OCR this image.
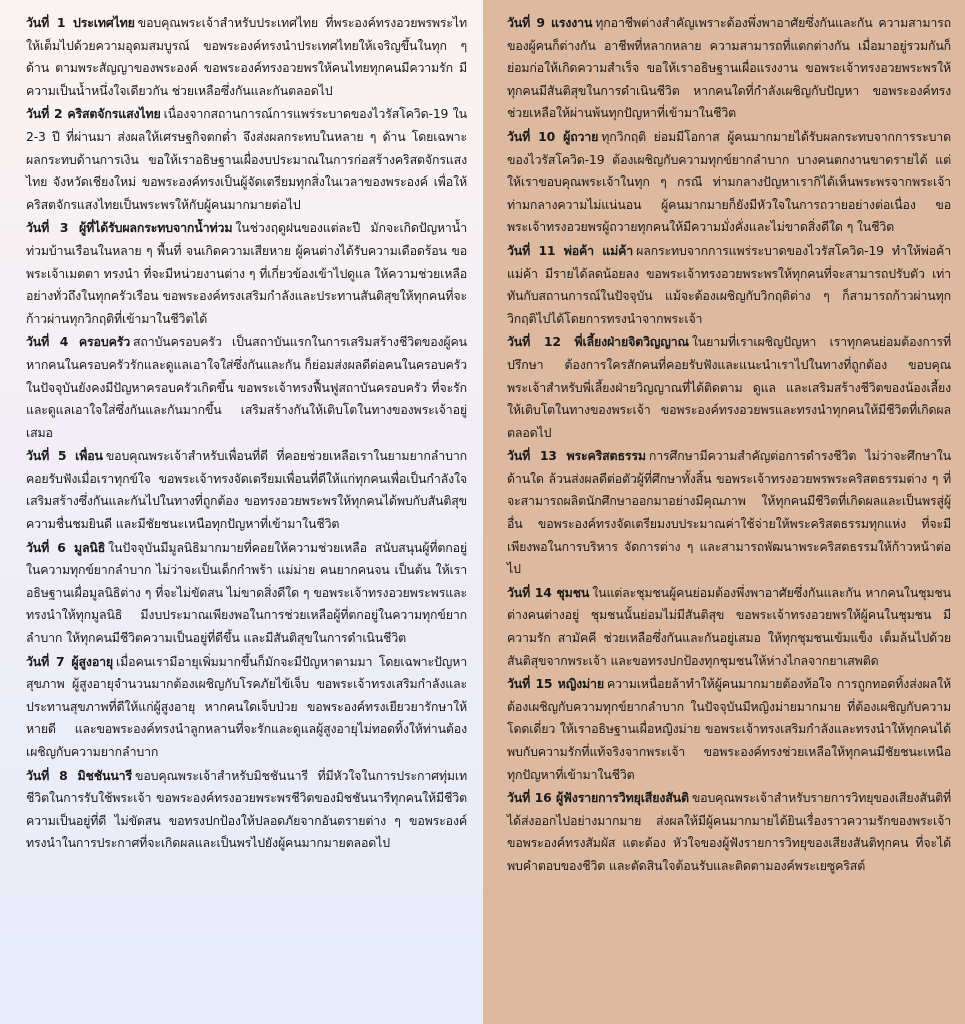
วันที่ 1 ประเทศไทย ขอบคุณพระเจ้าสำหรับประเทศไทย ที่พระองค์ทรงอวยพรพระไทให้เต็มไปด้วยความอุดมสมบูรณ์ ขอพระองค์ทรงนำประเทศไทยให้เจริญขึ้นในทุก ๆ ด้าน ตามพระสัญญาของพระองค์ ขอพระองค์ทรงอวยพรให้คนไทยทุกคนมีความรัก มีความเป็นน้ำหนึ่งใจเดียวกัน ช่วยเหลือซึ่งกันและกันตลอดไป

วันที่ 2 คริสตจักรแสงไทย เนื่องจากสถานการณ์การแพร่ระบาดของไวรัสโควิด-19 ใน 2-3 ปี ที่ผ่านมา ส่งผลให้เศรษฐกิจตกต่ำ จึงส่งผลกระทบในหลาย ๆ ด้าน โดยเฉพาะผลกระทบด้านการเงิน ขอให้เราอธิษฐานเผื่องบประมาณในการก่อสร้างคริสตจักรแสงไทย จังหวัดเชียงใหม่ ขอพระองค์ทรงเป็นผู้จัดเตรียมทุกสิ่งในเวลาของพระองค์ เพื่อให้คริสตจักรแสงไทยเป็นพระพรให้กับผู้คนมากมายต่อไป

วันที่ 3 ผู้ที่ได้รับผลกระทบจากน้ำท่วม ในช่วงฤดูฝนของแต่ละปี มักจะเกิดปัญหาน้ำท่วมบ้านเรือนในหลาย ๆ พื้นที่ จนเกิดความเสียหาย ผู้คนต่างได้รับความเดือดร้อน ขอพระเจ้าเมตตา ทรงนำ ที่จะมีหน่วยงานต่าง ๆ ที่เกี่ยวข้องเข้าไปดูแล ให้ความช่วยเหลืออย่างทั่วถึงในทุกครัวเรือน ขอพระองค์ทรงเสริมกำลังและประทานสันติสุขให้ทุกคนที่จะก้าวผ่านทุกวิกฤติที่เข้ามาในชีวิตได้

วันที่ 4 ครอบครัว สถาบันครอบครัว เป็นสถาบันแรกในการเสริมสร้างชีวิตของผู้คน หากคนในครอบครัวรักและดูแลเอาใจใส่ซึ่งกันและกัน ก็ย่อมส่งผลดีต่อคนในครอบครัว ในปัจจุบันยังคงมีปัญหาครอบครัวเกิดขึ้น ขอพระเจ้าทรงฟื้นฟูสถาบันครอบครัว ที่จะรักและดูแลเอาใจใส่ซึ่งกันและกันมากขึ้น เสริมสร้างกันให้เติบโตในทางของพระเจ้าอยู่เสมอ

วันที่ 5 เพื่อน ขอบคุณพระเจ้าสำหรับเพื่อนที่ดี ที่คอยช่วยเหลือเราในยามยากลำบาก คอยรับฟังเมื่อเราทุกข์ใจ ขอพระเจ้าทรงจัดเตรียมเพื่อนที่ดีให้แก่ทุกคนเพื่อเป็นกำลังใจ เสริมสร้างซึ่งกันและกันไปในทางที่ถูกต้อง ขอทรงอวยพระพรให้ทุกคนได้พบกับสันติสุข ความชื่นชมยินดี และมีชัยชนะเหนือทุกปัญหาที่เข้ามาในชีวิต

วันที่ 6 มูลนิธิ ในปัจจุบันมีมูลนิธิมากมายที่คอยให้ความช่วยเหลือ สนับสนุนผู้ที่ตกอยู่ในความทุกข์ยากลำบาก ไม่ว่าจะเป็นเด็กกำพร้า แม่ม่าย คนยากคนจน เป็นต้น ให้เราอธิษฐานเผื่อมูลนิธิต่าง ๆ ที่จะไม่ขัดสน ไม่ขาดสิ่งดีใด ๆ ขอพระเจ้าทรงอวยพระพรและทรงนำให้ทุกมูลนิธิ มีงบประมาณเพียงพอในการช่วยเหลือผู้ที่ตกอยู่ในความทุกข์ยากลำบาก ให้ทุกคนมีชีวิตความเป็นอยู่ที่ดีขึ้น และมีสันติสุขในการดำเนินชีวิต

วันที่ 7 ผู้สูงอายุ เมื่อคนเรามีอายุเพิ่มมากขึ้นก็มักจะมีปัญหาตามมา โดยเฉพาะปัญหาสุขภาพ ผู้สูงอายุจำนวนมากต้องเผชิญกับโรคภัยไข้เจ็บ ขอพระเจ้าทรงเสริมกำลังและประทานสุขภาพที่ดีให้แก่ผู้สูงอายุ หากคนใดเจ็บป่วย ขอพระองค์ทรงเยียวยารักษาให้หายดี และขอพระองค์ทรงนำลูกหลานที่จะรักและดูแลผู้สูงอายุไม่ทอดทิ้งให้ท่านต้องเผชิญกับความยากลำบาก

วันที่ 8 มิชชันนารี ขอบคุณพระเจ้าสำหรับมิชชันนารี ที่มีหัวใจในการประกาศทุ่มเทชีวิตในการรับใช้พระเจ้า ขอพระองค์ทรงอวยพระพรชีวิตของมิชชันนารีทุกคนให้มีชีวิตความเป็นอยู่ที่ดี ไม่ขัดสน ขอทรงปกป้องให้ปลอดภัยจากอันตรายต่าง ๆ ขอพระองค์ทรงนำในการประกาศที่จะเกิดผลและเป็นพรไปยังผู้คนมากมายตลอดไป

วันที่ 9 แรงงาน ทุกอาชีพต่างสำคัญเพราะต้องพึ่งพาอาศัยซึ่งกันและกัน ความสามารถของผู้คนก็ต่างกัน อาชีพที่หลากหลาย ความสามารถที่แตกต่างกัน เมื่อมาอยู่รวมกันก็ย่อมก่อให้เกิดความสำเร็จ ขอให้เราอธิษฐานเผื่อแรงงาน ขอพระเจ้าทรงอวยพระพรให้ทุกคนมีสันติสุขในการดำเนินชีวิต หากคนใดที่กำลังเผชิญกับปัญหา ขอพระองค์ทรงช่วยเหลือให้ผ่านพ้นทุกปัญหาที่เข้ามาในชีวิต

วันที่ 10 ผู้ถวาย ทุกวิกฤติ ย่อมมีโอกาส ผู้คนมากมายได้รับผลกระทบจากการระบาดของไวรัสโควิด-19 ต้องเผชิญกับความทุกข์ยากลำบาก บางคนตกงานขาดรายได้ แต่ให้เราขอบคุณพระเจ้าในทุก ๆ กรณี ท่ามกลางปัญหาเรากิได้เห็นพระพรจากพระเจ้า ท่ามกลางความไม่แน่นอน ผู้คนมากมายก็ยังมีหัวใจในการถวายอย่างต่อเนื่อง ขอพระเจ้าทรงอวยพรผู้ถวายทุกคนให้มีความมั่งคั่งและไม่ขาดสิ่งดีใด ๆ ในชีวิต

วันที่ 11 พ่อค้า แม่ค้า ผลกระทบจากการแพร่ระบาดของไวรัสโควิด-19 ทำให้พ่อค้า แม่ค้า มีรายได้ลดน้อยลง ขอพระเจ้าทรงอวยพระพรให้ทุกคนที่จะสามารถปรับตัว เท่าทันกับสถานการณ์ในปัจจุบัน แม้จะต้องเผชิญกับวิกฤติต่าง ๆ ก็สามารถก้าวผ่านทุกวิกฤติไปได้โดยการทรงนำจากพระเจ้า

วันที่ 12 พี่เลี้ยงฝ่ายจิตวิญญาณ ในยามที่เราเผชิญปัญหา เราทุกคนย่อมต้องการที่ปรึกษา ต้องการใครสักคนที่คอยรับฟังและแนะนำเราไปในทางที่ถูกต้อง ขอบคุณพระเจ้าสำหรับพี่เลี้ยงฝ่ายวิญญาณที่ได้ติดตาม ดูแล และเสริมสร้างชีวิตของน้องเลี้ยงให้เติบโตในทางของพระเจ้า ขอพระองค์ทรงอวยพรและทรงนำทุกคนให้มีชีวิตที่เกิดผลตลอดไป

วันที่ 13 พระคริสตธรรม การศึกษามีความสำคัญต่อการดำรงชีวิต ไม่ว่าจะศึกษาในด้านใด ล้วนส่งผลดีต่อตัวผู้ที่ศึกษาทั้งสิ้น ขอพระเจ้าทรงอวยพรพระคริสตธรรมต่าง ๆ ที่จะสามารถผลิตนักศึกษาออกมาอย่างมีคุณภาพ ให้ทุกคนมีชีวิตที่เกิดผลและเป็นพรสู่ผู้อื่น ขอพระองค์ทรงจัดเตรียมงบประมาณค่าใช้จ่ายให้พระคริสตธรรมทุกแห่ง ที่จะมีเพียงพอในการบริหาร จัดการต่าง ๆ และสามารถพัฒนาพระคริสตธรรมให้ก้าวหน้าต่อไป

วันที่ 14 ชุมชน ในแต่ละชุมชนผู้คนย่อมต้องพึ่งพาอาศัยซึ่งกันและกัน หากคนในชุมชนต่างคนต่างอยู่ ชุมชนนั้นย่อมไม่มีสันติสุข ขอพระเจ้าทรงอวยพรให้ผู้คนในชุมชน มีความรัก สามัคคี ช่วยเหลือซึ่งกันและกันอยู่เสมอ ให้ทุกชุมชนเข้มแข็ง เต็มล้นไปด้วยสันติสุขจากพระเจ้า และขอทรงปกป้องทุกชุมชนให้ห่างไกลจากยาเสพติด

วันที่ 15 หญิงม่าย ความเหนื่อยล้าทำให้ผู้คนมากมายต้องท้อใจ การถูกทอดทิ้งส่งผลให้ต้องเผชิญกับความทุกข์ยากลำบาก ในปัจจุบันมีหญิงม่ายมากมาย ที่ต้องเผชิญกับความโดดเดี่ยว ให้เราอธิษฐานเผื่อหญิงม่าย ขอพระเจ้าทรงเสริมกำลังและทรงนำให้ทุกคนได้พบกับความรักที่แท้จริงจากพระเจ้า ขอพระองค์ทรงช่วยเหลือให้ทุกคนมีชัยชนะเหนือทุกปัญหาที่เข้ามาในชีวิต

วันที่ 16 ผู้ฟังรายการวิทยุเสียงสันติ ขอบคุณพระเจ้าสำหรับรายการวิทยุของเสียงสันติที่ได้ส่งออกไปอย่างมากมาย ส่งผลให้มีผู้คนมากมายได้ยินเรื่องราวความรักของพระเจ้า ขอพระองค์ทรงสัมผัส แตะต้อง หัวใจของผู้ฟังรายการวิทยุของเสียงสันติทุกคน ที่จะได้พบคำตอบของชีวิต และตัดสินใจต้อนรับและติดตามองค์พระเยซูคริสต์
